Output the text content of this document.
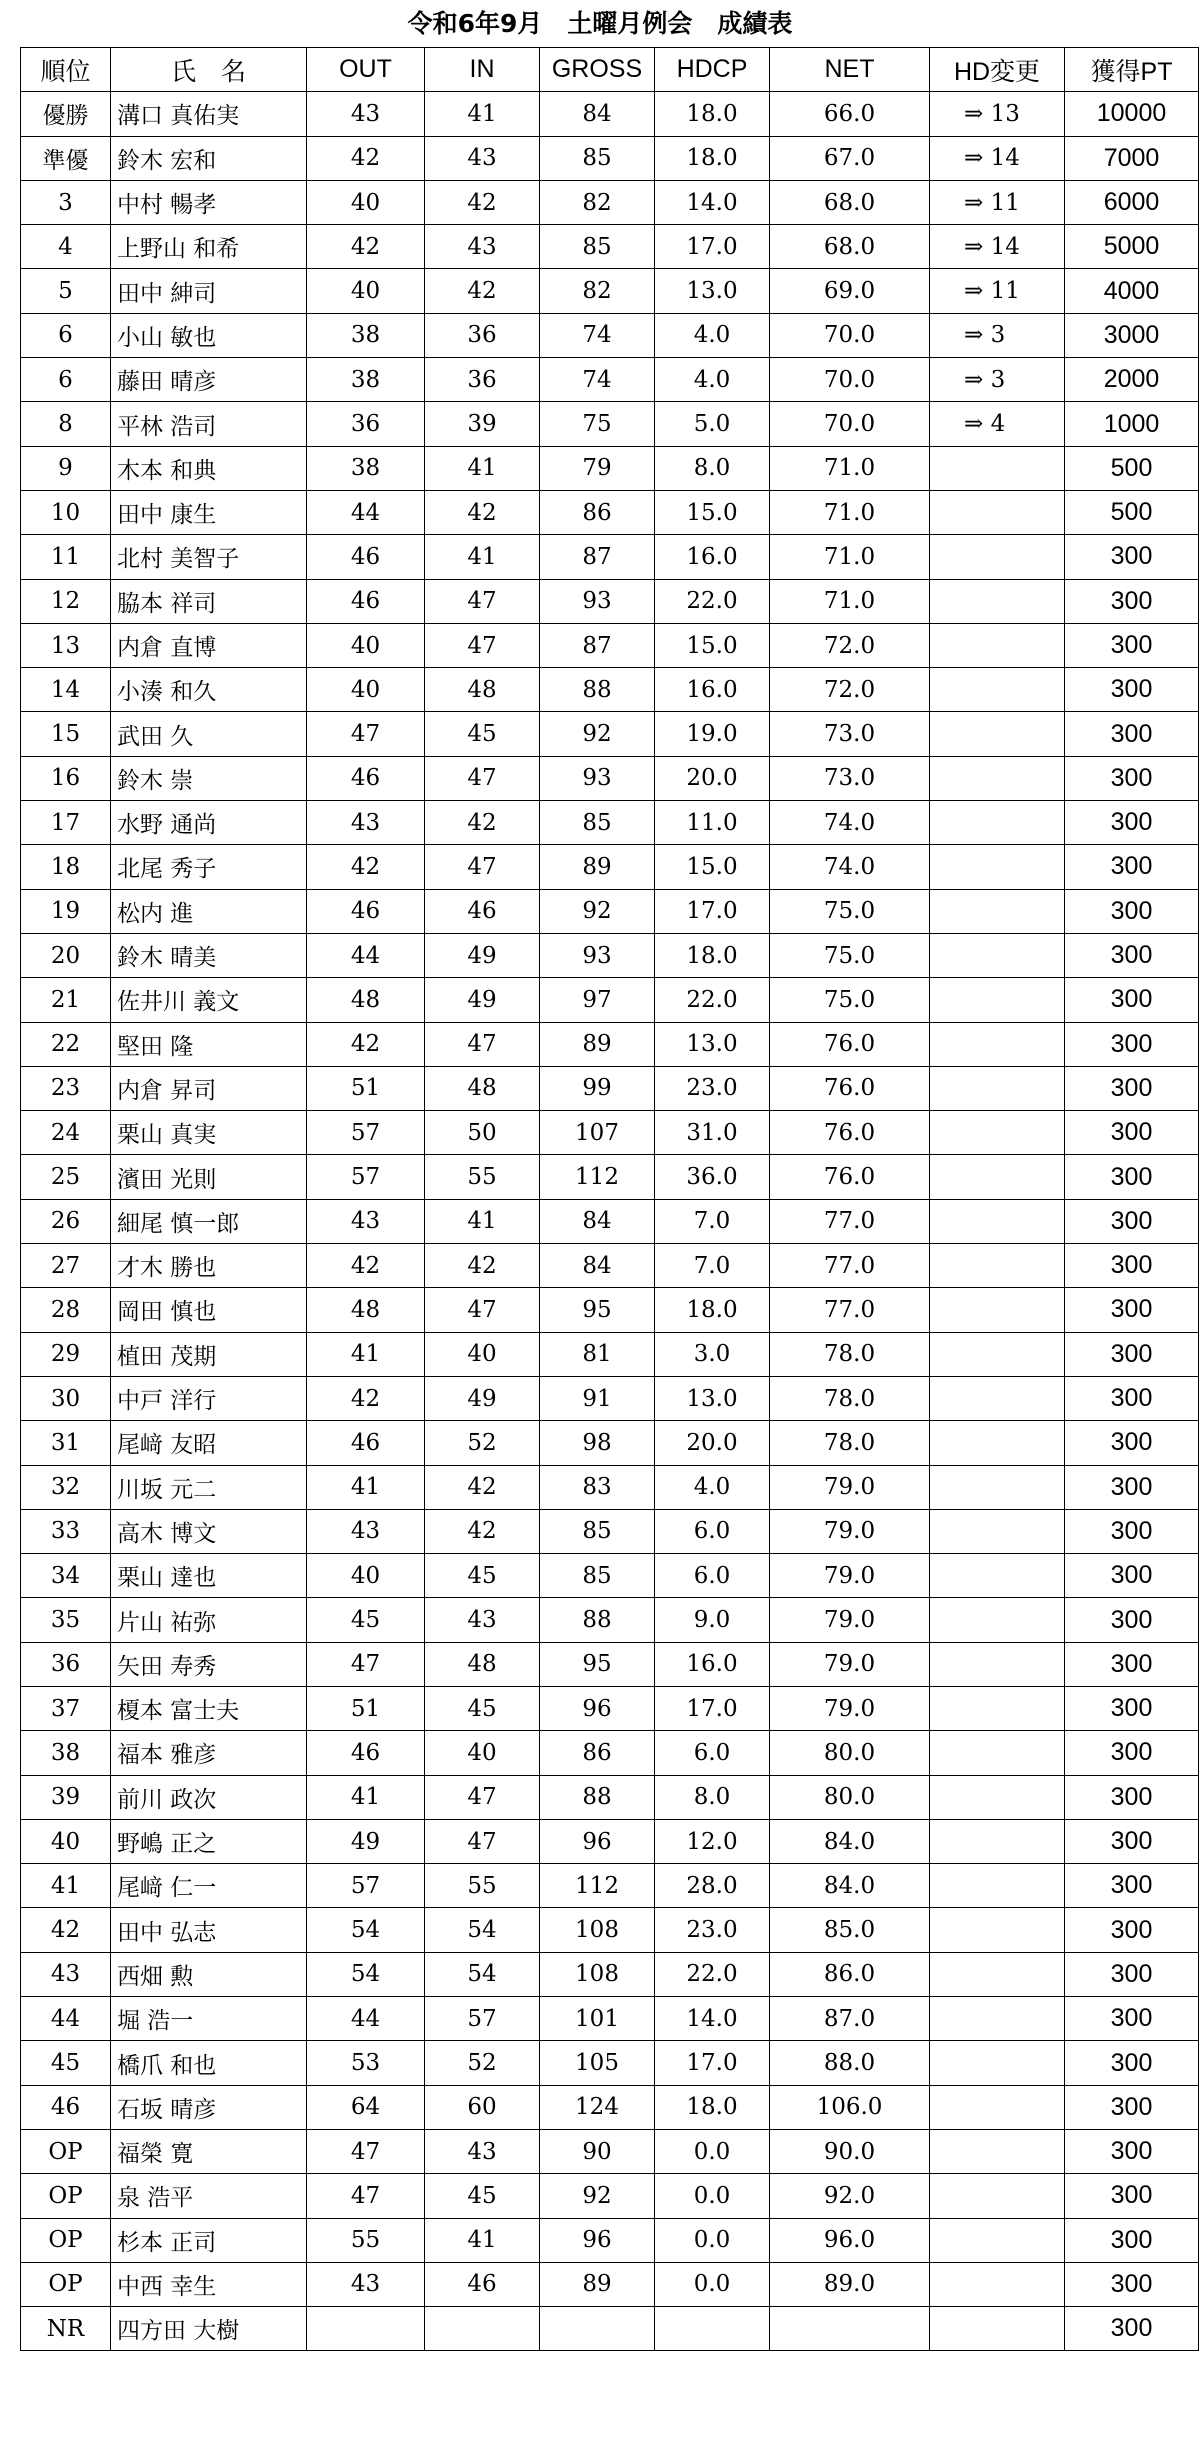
令和6年9月　土曜月例会　成績表
順位	氏　名	OUT	IN	GROSS	HDCP	NET	HD変更	獲得PT
優勝	溝口 真佑実	43	41	84	18.0	66.0	⇒ 13	10000
準優	鈴木 宏和	42	43	85	18.0	67.0	⇒ 14	7000
3	中村 暢孝	40	42	82	14.0	68.0	⇒ 11	6000
4	上野山 和希	42	43	85	17.0	68.0	⇒ 14	5000
5	田中 紳司	40	42	82	13.0	69.0	⇒ 11	4000
6	小山 敏也	38	36	74	4.0	70.0	⇒ 3	3000
6	藤田 晴彦	38	36	74	4.0	70.0	⇒ 3	2000
8	平林 浩司	36	39	75	5.0	70.0	⇒ 4	1000
9	木本 和典	38	41	79	8.0	71.0		500
10	田中 康生	44	42	86	15.0	71.0		500
11	北村 美智子	46	41	87	16.0	71.0		300
12	脇本 祥司	46	47	93	22.0	71.0		300
13	内倉 直博	40	47	87	15.0	72.0		300
14	小湊 和久	40	48	88	16.0	72.0		300
15	武田 久	47	45	92	19.0	73.0		300
16	鈴木 崇	46	47	93	20.0	73.0		300
17	水野 通尚	43	42	85	11.0	74.0		300
18	北尾 秀子	42	47	89	15.0	74.0		300
19	松内 進	46	46	92	17.0	75.0		300
20	鈴木 晴美	44	49	93	18.0	75.0		300
21	佐井川 義文	48	49	97	22.0	75.0		300
22	堅田 隆	42	47	89	13.0	76.0		300
23	内倉 昇司	51	48	99	23.0	76.0		300
24	栗山 真実	57	50	107	31.0	76.0		300
25	濱田 光則	57	55	112	36.0	76.0		300
26	細尾 慎一郎	43	41	84	7.0	77.0		300
27	才木 勝也	42	42	84	7.0	77.0		300
28	岡田 慎也	48	47	95	18.0	77.0		300
29	植田 茂期	41	40	81	3.0	78.0		300
30	中戸 洋行	42	49	91	13.0	78.0		300
31	尾﨑 友昭	46	52	98	20.0	78.0		300
32	川坂 元二	41	42	83	4.0	79.0		300
33	高木 博文	43	42	85	6.0	79.0		300
34	栗山 達也	40	45	85	6.0	79.0		300
35	片山 祐弥	45	43	88	9.0	79.0		300
36	矢田 寿秀	47	48	95	16.0	79.0		300
37	榎本 富士夫	51	45	96	17.0	79.0		300
38	福本 雅彦	46	40	86	6.0	80.0		300
39	前川 政次	41	47	88	8.0	80.0		300
40	野嶋 正之	49	47	96	12.0	84.0		300
41	尾﨑 仁一	57	55	112	28.0	84.0		300
42	田中 弘志	54	54	108	23.0	85.0		300
43	西畑 勲	54	54	108	22.0	86.0		300
44	堀 浩一	44	57	101	14.0	87.0		300
45	橋爪 和也	53	52	105	17.0	88.0		300
46	石坂 晴彦	64	60	124	18.0	106.0		300
OP	福榮 寛	47	43	90	0.0	90.0		300
OP	泉 浩平	47	45	92	0.0	92.0		300
OP	杉本 正司	55	41	96	0.0	96.0		300
OP	中西 幸生	43	46	89	0.0	89.0		300
NR	四方田 大樹							300
